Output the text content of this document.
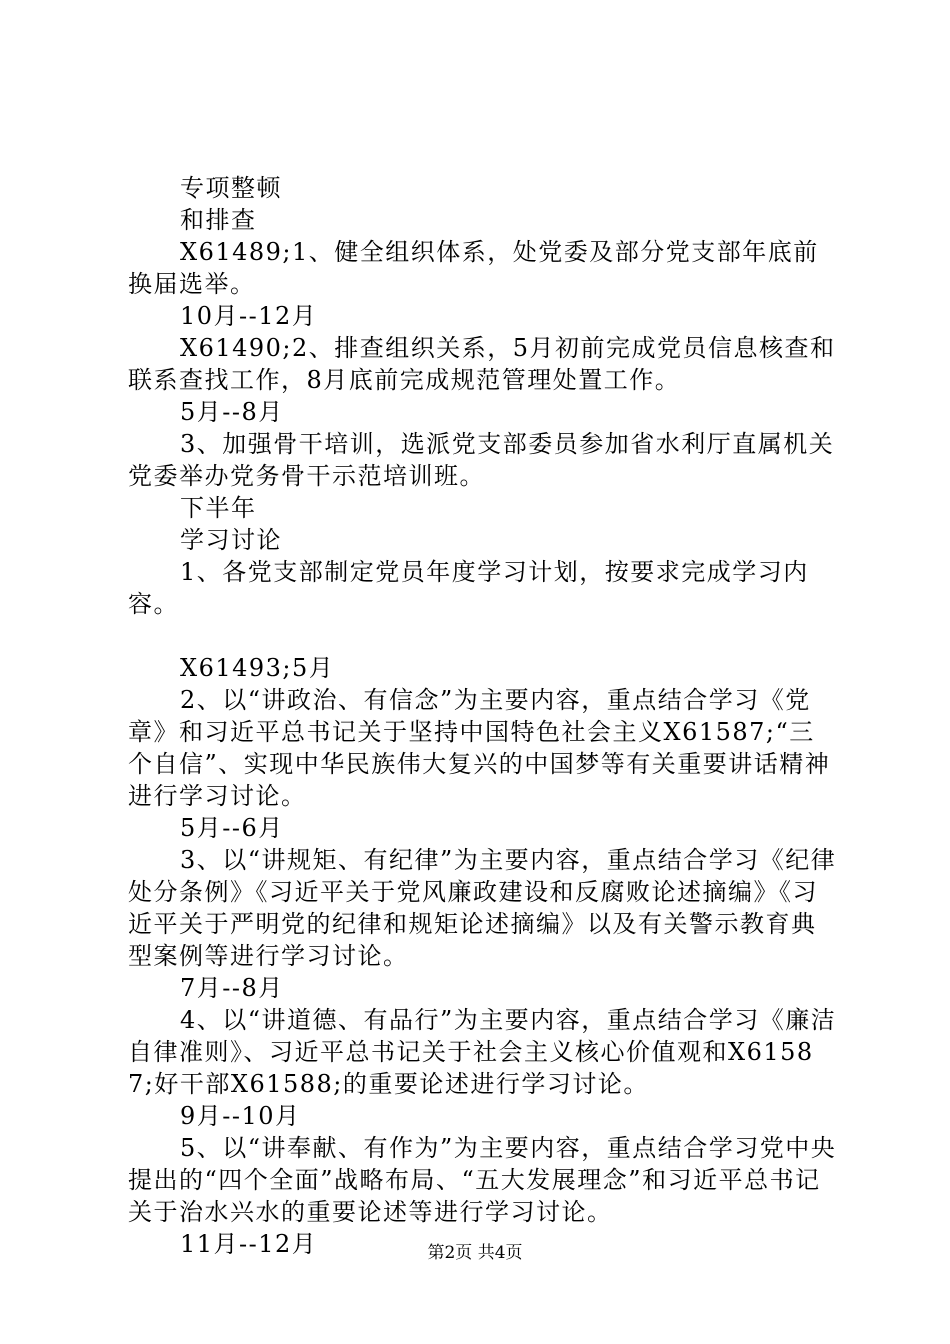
专项整顿

和排查

X61489;1、健全组织体系，处党委及部分党支部年底前换届选举。

10月--12月

X61490;2、排查组织关系，5月初前完成党员信息核查和联系查找工作，8月底前完成规范管理处置工作。

5月--8月

3、加强骨干培训，选派党支部委员参加省水利厅直属机关党委举办党务骨干示范培训班。

下半年

学习讨论

1、各党支部制定党员年度学习计划，按要求完成学习内容。

X61493;5月

2、以“讲政治、有信念”为主要内容，重点结合学习《党章》和习近平总书记关于坚持中国特色社会主义X61587;“三个自信”、实现中华民族伟大复兴的中国梦等有关重要讲话精神进行学习讨论。

5月--6月

3、以“讲规矩、有纪律”为主要内容，重点结合学习《纪律处分条例》《习近平关于党风廉政建设和反腐败论述摘编》《习近平关于严明党的纪律和规矩论述摘编》以及有关警示教育典型案例等进行学习讨论。

7月--8月

4、以“讲道德、有品行”为主要内容，重点结合学习《廉洁自律准则》、习近平总书记关于社会主义核心价值观和X61587;好干部X61588;的重要论述进行学习讨论。

9月--10月

5、以“讲奉献、有作为”为主要内容，重点结合学习党中央提出的“四个全面”战略布局、“五大发展理念”和习近平总书记关于治水兴水的重要论述等进行学习讨论。

11月--12月	第2页 共4页
